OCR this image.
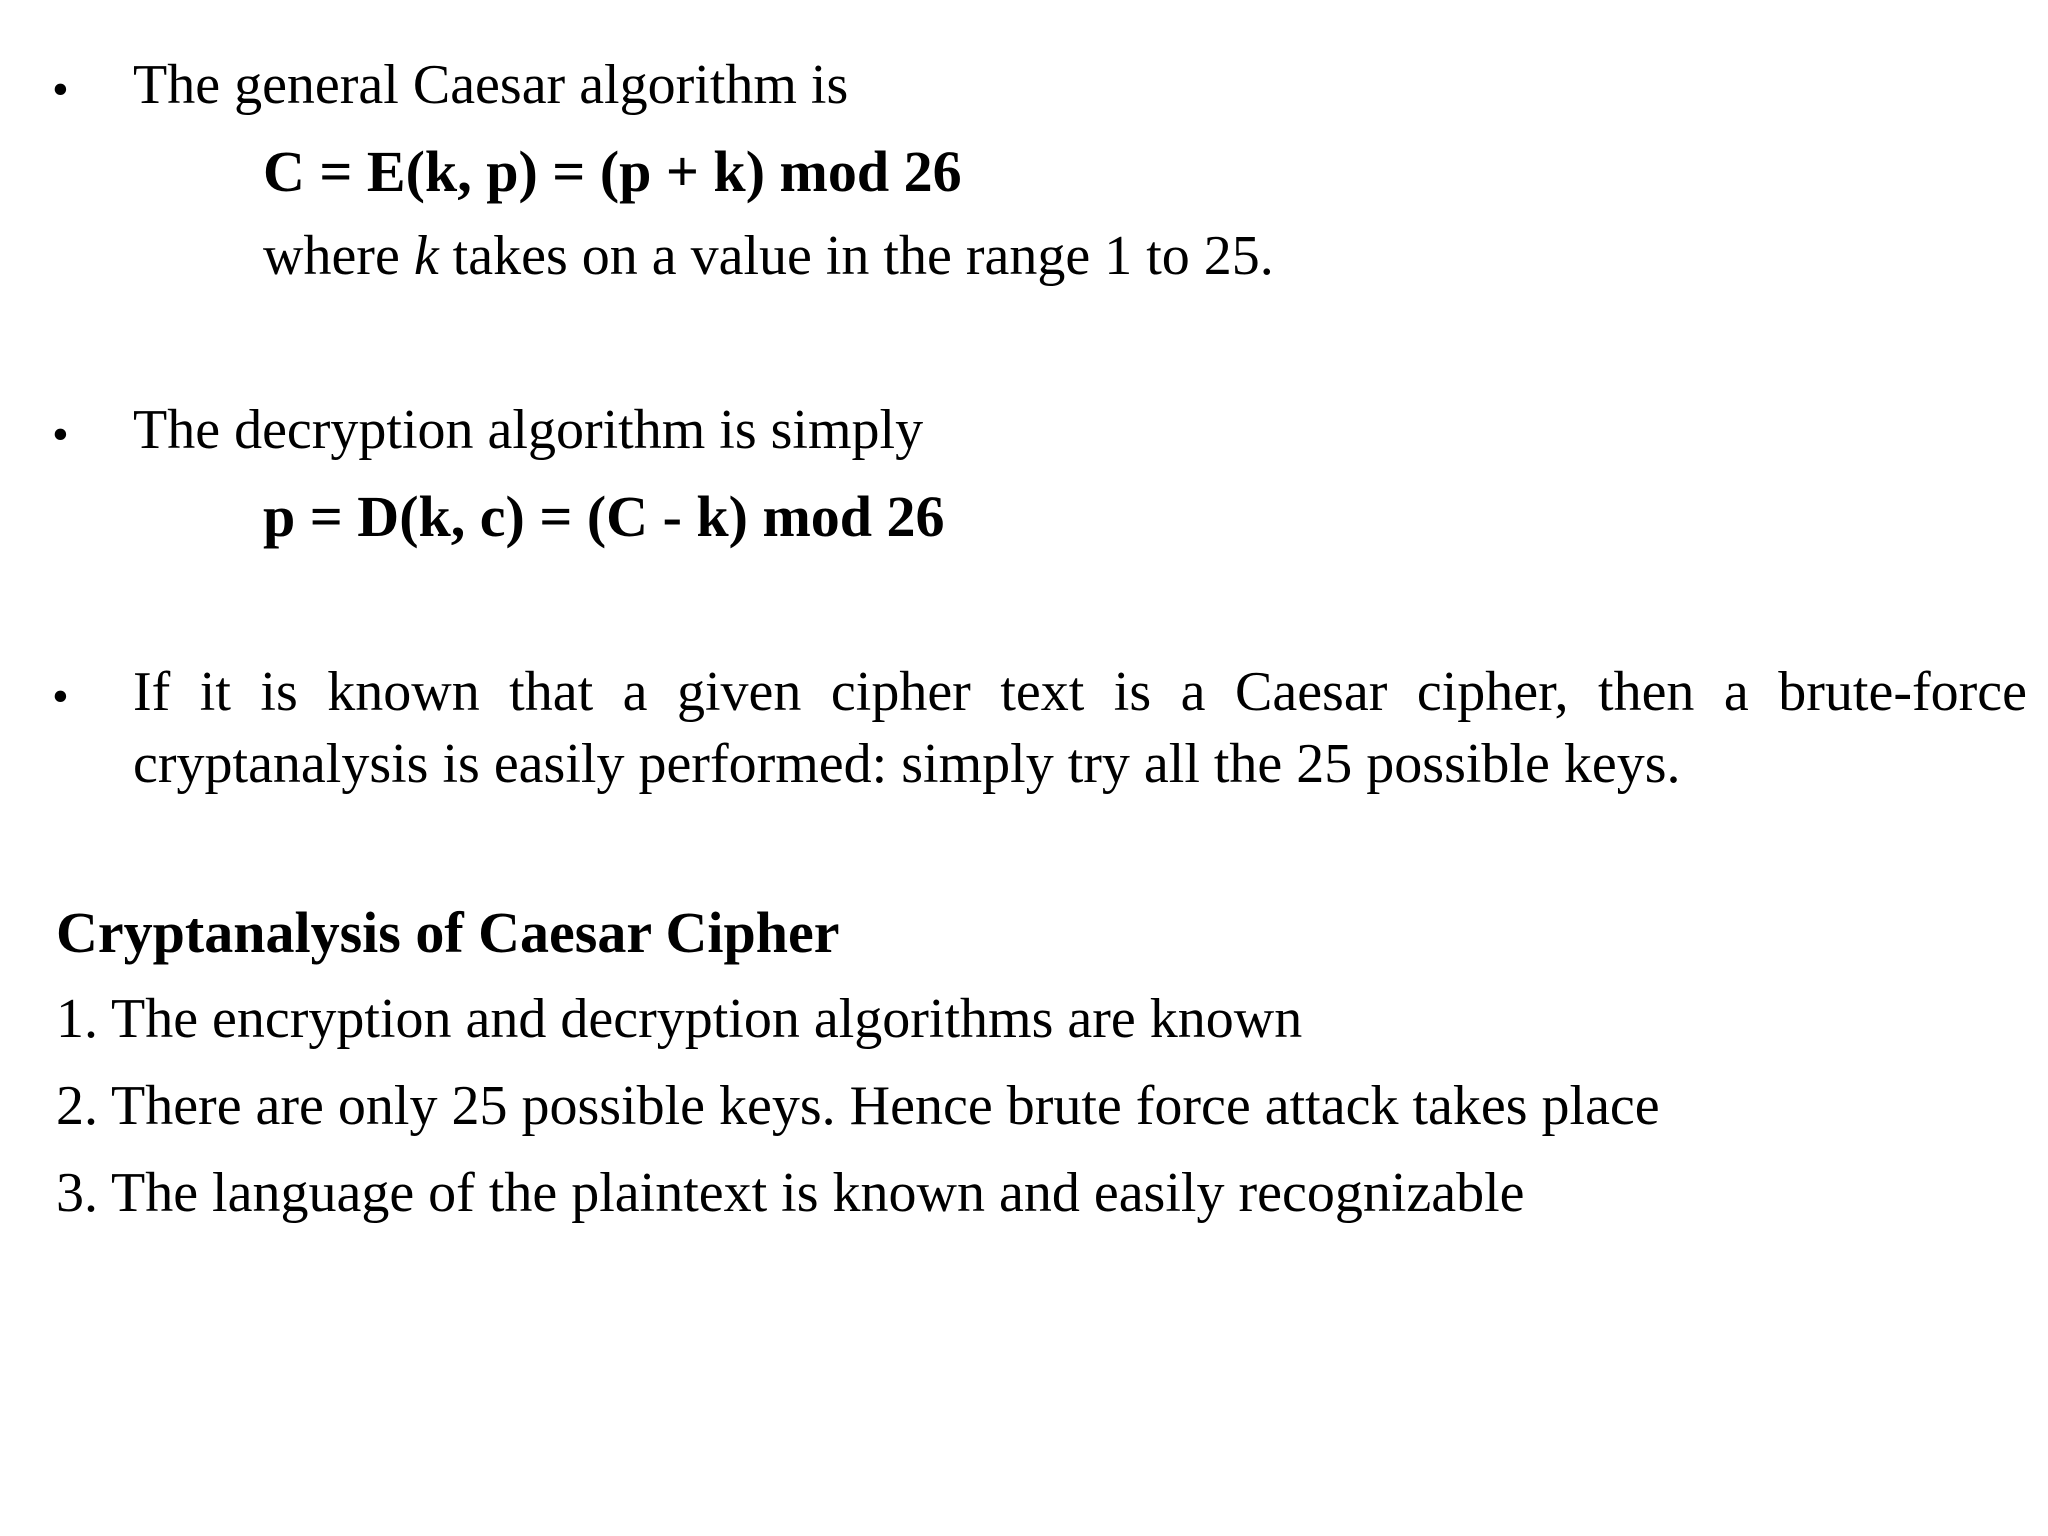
• The general Caesar algorithm is
C = E(k, p) = (p + k) mod 26
where k takes on a value in the range 1 to 25.
• The decryption algorithm is simply
p = D(k, c) = (C - k) mod 26
• If it is known that a given cipher text is a Caesar cipher, then a brute-force
cryptanalysis is easily performed: simply try all the 25 possible keys.
Cryptanalysis of Caesar Cipher
1. The encryption and decryption algorithms are known
2. There are only 25 possible keys. Hence brute force attack takes place
3. The language of the plaintext is known and easily recognizable
